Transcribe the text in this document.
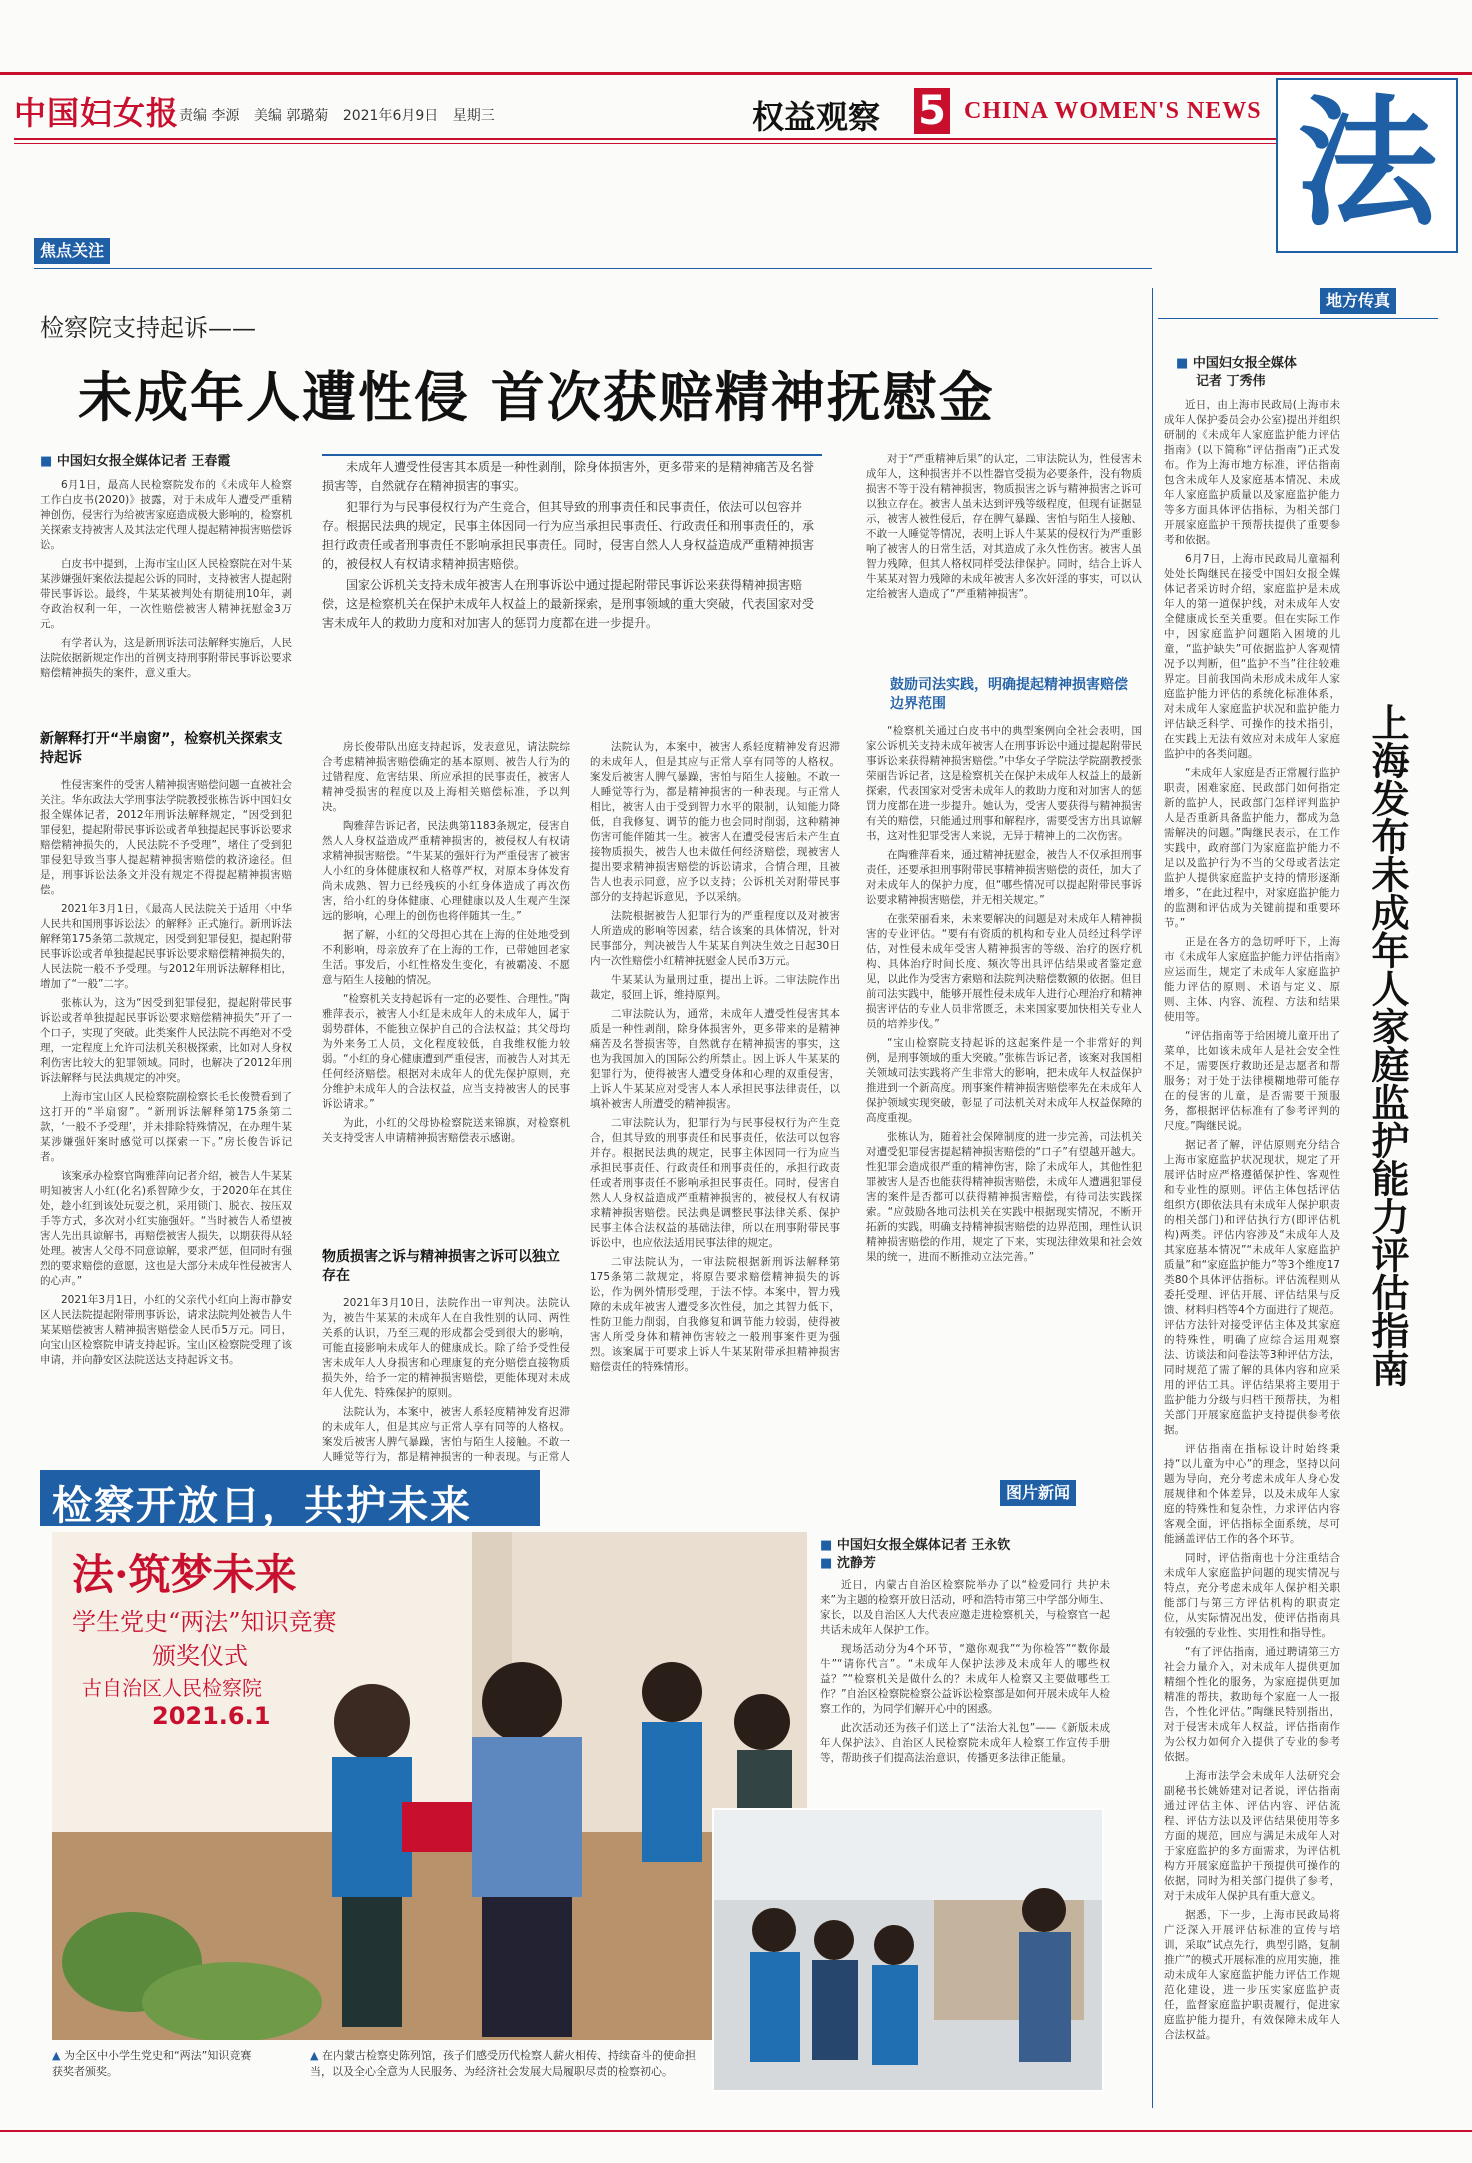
中国妇女报 责编 李源 美编 郭璐菊 2021年6月9日 星期三	权益观察 5 CHINA WOMEN'S NEWS 法
焦点关注
地方传真
检察院支持起诉——
未成年人遭性侵 首次获赔精神抚慰金
■ 中国妇女报全媒体记者 王春霞	未成年人遭受性侵害其本质是一种性剥削，除身体损害外，更多带来的是精神痛苦及名誉损害等，自然就存在精神损害的事实。

犯罪行为与民事侵权行为产生竞合，但其导致的刑事责任和民事责任，依法可以包容并存。根据民法典的规定，民事主体因同一行为应当承担民事责任、行政责任和刑事责任的，承担行政责任或者刑事责任不影响承担民事责任。同时，侵害自然人人身权益造成严重精神损害的，被侵权人有权请求精神损害赔偿。

国家公诉机关支持未成年被害人在刑事诉讼中通过提起附带民事诉讼来获得精神损害赔偿，这是检察机关在保护未成年人权益上的最新探索，是刑事领域的重大突破，代表国家对受害未成年人的救助力度和对加害人的惩罚力度都在进一步提升。

6月1日，最高人民检察院发布的《未成年人检察工作白皮书(2020)》披露，对于未成年人遭受严重精神创伤，侵害行为给被害家庭造成极大影响的，检察机关探索支持被害人及其法定代理人提起精神损害赔偿诉讼。

白皮书中提到，上海市宝山区人民检察院在对牛某某涉嫌强奸案依法提起公诉的同时，支持被害人提起附带民事诉讼。最终，牛某某被判处有期徒刑10年，剥夺政治权利一年，一次性赔偿被害人精神抚慰金3万元。

有学者认为，这是新刑诉法司法解释实施后，人民法院依据新规定作出的首例支持刑事附带民事诉讼要求赔偿精神损失的案件，意义重大。

新解释打开“半扇窗”，检察机关探索支持起诉

性侵害案件的受害人精神损害赔偿问题一直被社会关注。华东政法大学刑事法学院教授张栋告诉中国妇女报全媒体记者，2012年刑诉法解释规定，“因受到犯罪侵犯，提起附带民事诉讼或者单独提起民事诉讼要求赔偿精神损失的，人民法院不予受理”，堵住了受到犯罪侵犯导致当事人提起精神损害赔偿的救济途径。但是，刑事诉讼法条文并没有规定不得提起精神损害赔偿。

2021年3月1日，《最高人民法院关于适用〈中华人民共和国刑事诉讼法〉的解释》正式施行。新刑诉法解释第175条第二款规定，因受到犯罪侵犯，提起附带民事诉讼或者单独提起民事诉讼要求赔偿精神损失的，人民法院一般不予受理。与2012年刑诉法解释相比，增加了“一般”二字。

张栋认为，这为“因受到犯罪侵犯，提起附带民事诉讼或者单独提起民事诉讼要求赔偿精神损失”开了一个口子，实现了突破。此类案件人民法院不再绝对不受理，一定程度上允许司法机关积极探索，比如对人身权利伤害比较大的犯罪领域。同时，也解决了2012年刑诉法解释与民法典规定的冲突。

上海市宝山区人民检察院副检察长毛长俊赞看到了这打开的“半扇窗”。“新刑诉法解释第175条第二款，‘一般不予受理’，并未排除特殊情况，在办理牛某某涉嫌强奸案时感觉可以探索一下。”房长俊告诉记者。

该案承办检察官陶雅萍向记者介绍，被告人牛某某明知被害人小红(化名)系智障少女，于2020年在其住处，趁小红到该处玩耍之机，采用锁门、脱衣、按压双手等方式，多次对小红实施强奸。“当时被告人希望被害人先出具谅解书，再赔偿被害人损失，以期获得从轻处理。被害人父母不同意谅解，要求严惩，但同时有强烈的要求赔偿的意愿，这也是大部分未成年性侵被害人的心声。”

2021年3月1日，小红的父亲代小红向上海市静安区人民法院提起附带刑事诉讼，请求法院判处被告人牛某某赔偿被害人精神损害赔偿金人民币5万元。同日，向宝山区检察院申请支持起诉。宝山区检察院受理了该申请，并向静安区法院送达支持起诉文书。

房长俊带队出庭支持起诉，发表意见，请法院综合考虑精神损害赔偿确定的基本原则、被告人行为的过错程度、危害结果、所应承担的民事责任，被害人精神受损害的程度以及上海相关赔偿标准，予以判决。

陶雅萍告诉记者，民法典第1183条规定，侵害自然人人身权益造成严重精神损害的，被侵权人有权请求精神损害赔偿。“牛某某的强奸行为严重侵害了被害人小红的身体健康权和人格尊严权，对原本身体发育尚未成熟、智力已经残疾的小红身体造成了再次伤害，给小红的身体健康、心理健康以及人生观产生深远的影响，心理上的创伤也将伴随其一生。”

据了解，小红的父母担心其在上海的住处地受到不利影响，母亲放弃了在上海的工作，已带她回老家生活。事发后，小红性格发生变化，有被霸凌、不愿意与陌生人接触的情况。

“检察机关支持起诉有一定的必要性、合理性。”陶雅萍表示，被害人小红是未成年人的未成年人，属于弱势群体，不能独立保护自己的合法权益；其父母均为外来务工人员，文化程度较低，自我维权能力较弱。“小红的身心健康遭到严重侵害，而被告人对其无任何经济赔偿。根据对未成年人的优先保护原则，充分维护未成年人的合法权益，应当支持被害人的民事诉讼请求。”

为此，小红的父母协检察院送来锦旗，对检察机关支持受害人申请精神损害赔偿表示感谢。

物质损害之诉与精神损害之诉可以独立存在

2021年3月10日，法院作出一审判决。法院认为，被告牛某某的未成年人在自我性别的认同、两性关系的认识，乃至三观的形成都会受到很大的影响，可能直接影响未成年人的健康成长。除了给予受性侵害未成年人人身损害和心理康复的充分赔偿直接物质损失外，给予一定的精神损害赔偿，更能体现对未成年人优先、特殊保护的原则。

法院认为，本案中，被害人系轻度精神发育迟滞的未成年人，但是其应与正常人享有同等的人格权。案发后被害人脾气暴躁，害怕与陌生人接触。不敢一人睡觉等行为，都是精神损害的一种表现。与正常人

法院认为，本案中，被害人系轻度精神发育迟滞的未成年人，但是其应与正常人享有同等的人格权。案发后被害人脾气暴躁，害怕与陌生人接触。不敢一人睡觉等行为，都是精神损害的一种表现。与正常人相比，被害人由于受到智力水平的限制，认知能力降低，自我修复、调节的能力也会同时削弱，这种精神伤害可能伴随其一生。被害人在遭受侵害后未产生直接物质损失，被告人也未做任何经济赔偿，现被害人提出要求精神损害赔偿的诉讼请求，合情合理，且被告人也表示同意，应予以支持；公诉机关对附带民事部分的支持起诉意见，予以采纳。

法院根据被告人犯罪行为的严重程度以及对被害人所造成的影响等因素，结合该案的具体情况，针对民事部分，判决被告人牛某某自判决生效之日起30日内一次性赔偿小红精神抚慰金人民币3万元。

牛某某认为量刑过重，提出上诉。二审法院作出裁定，驳回上诉，维持原判。

二审法院认为，通常，未成年人遭受性侵害其本质是一种性剥削，除身体损害外，更多带来的是精神痛苦及名誉损害等，自然就存在精神损害的事实，这也为我国加入的国际公约所禁止。因上诉人牛某某的犯罪行为，使得被害人遭受身体和心理的双重侵害，上诉人牛某某应对受害人本人承担民事法律责任，以填补被害人所遭受的精神损害。

二审法院认为，犯罪行为与民事侵权行为产生竞合，但其导致的刑事责任和民事责任，依法可以包容并存。根据民法典的规定，民事主体因同一行为应当承担民事责任、行政责任和刑事责任的，承担行政责任或者刑事责任不影响承担民事责任。同时，侵害自然人人身权益造成严重精神损害的，被侵权人有权请求精神损害赔偿。民法典是调整民事法律关系、保护民事主体合法权益的基础法律，所以在刑事附带民事诉讼中，也应依法适用民事法律的规定。

二审法院认为，一审法院根据新刑诉法解释第175条第二款规定，将原告要求赔偿精神损失的诉讼，作为例外情形受理，于法不悖。本案中，智力残障的未成年被害人遭受多次性侵，加之其智力低下，性防卫能力削弱，自我修复和调节能力较弱，使得被害人所受身体和精神伤害较之一般刑事案件更为强烈。该案属于可要求上诉人牛某某附带承担精神损害赔偿责任的特殊情形。

对于“严重精神后果”的认定，二审法院认为，性侵害未成年人，这种损害并不以性器官受损为必要条件，没有物质损害不等于没有精神损害，物质损害之诉与精神损害之诉可以独立存在。被害人虽未达到评残等级程度，但现有证据显示，被害人被性侵后，存在脾气暴躁、害怕与陌生人接触、不敢一人睡觉等情况，表明上诉人牛某某的侵权行为严重影响了被害人的日常生活，对其造成了永久性伤害。被害人虽智力残障，但其人格权同样受法律保护。同时，结合上诉人牛某某对智力残障的未成年被害人多次奸淫的事实，可以认定给被害人造成了“严重精神损害”。

鼓励司法实践，明确提起精神损害赔偿边界范围

“检察机关通过白皮书中的典型案例向全社会表明，国家公诉机关支持未成年被害人在刑事诉讼中通过提起附带民事诉讼来获得精神损害赔偿。”中华女子学院法学院副教授张荣丽告诉记者，这是检察机关在保护未成年人权益上的最新探索，代表国家对受害未成年人的救助力度和对加害人的惩罚力度都在进一步提升。她认为，受害人要获得与精神损害有关的赔偿，只能通过刑事和解程序，需要受害方出具谅解书，这对性犯罪受害人来说，无异于精神上的二次伤害。

在陶雅萍看来，通过精神抚慰金，被告人不仅承担刑事责任，还要承担刑事附带民事精神损害赔偿的责任，加大了对未成年人的保护力度，但“哪些情况可以提起附带民事诉讼要求精神损害赔偿，并无相关规定。”

在张荣丽看来，未来要解决的问题是对未成年人精神损害的专业评估。“要有有资质的机构和专业人员经过科学评估，对性侵未成年受害人精神损害的等级、治疗的医疗机构、具体治疗时间长度、频次等出具评估结果或者鉴定意见，以此作为受害方索赔和法院判决赔偿数额的依据。但目前司法实践中，能够开展性侵未成年人进行心理治疗和精神损害评估的专业人员非常匮乏，未来国家要加快相关专业人员的培养步伐。”

“宝山检察院支持起诉的这起案件是一个非常好的判例，是刑事领域的重大突破。”张栋告诉记者，该案对我国相关领域司法实践将产生非常大的影响，把未成年人权益保护推进到一个新高度。刑事案件精神损害赔偿率先在未成年人保护领域实现突破，彰显了司法机关对未成年人权益保障的高度重视。

张栋认为，随着社会保障制度的进一步完善，司法机关对遭受犯罪侵害提起精神损害赔偿的“口子”有望越开越大。性犯罪会造成很严重的精神伤害，除了未成年人，其他性犯罪被害人是否也能获得精神损害赔偿，未成年人遭遇犯罪侵害的案件是否都可以获得精神损害赔偿，有待司法实践探索。“应鼓励各地司法机关在实践中根据现实情况，不断开拓新的实践，明确支持精神损害赔偿的边界范围，理性认识精神损害赔偿的作用，规定了下来，实现法律效果和社会效果的统一，进而不断推动立法完善。”

■ 中国妇女报全媒体
记者 丁秀伟
上海发布未成年人家庭监护能力评估指南

近日，由上海市民政局(上海市未成年人保护委员会办公室)提出并组织研制的《未成年人家庭监护能力评估指南》(以下简称“评估指南”)正式发布。作为上海市地方标准，评估指南包含未成年人及家庭基本情况、未成年人家庭监护质量以及家庭监护能力等多方面具体评估指标，为相关部门开展家庭监护干预帮扶提供了重要参考和依据。

6月7日，上海市民政局儿童福利处处长陶继民在接受中国妇女报全媒体记者采访时介绍，家庭监护是未成年人的第一道保护线，对未成年人安全健康成长至关重要。但在实际工作中，因家庭监护问题陷入困境的儿童，“监护缺失”可依据监护人客观情况予以判断，但“监护不当”往往较难界定。目前我国尚未形成未成年人家庭监护能力评估的系统化标准体系，对未成年人家庭监护状况和监护能力评估缺乏科学、可操作的技术指引，在实践上无法有效应对未成年人家庭监护中的各类问题。

“未成年人家庭是否正常履行监护职责，困难家庭、民政部门如何指定新的监护人，民政部门怎样评判监护人是否重新具备监护能力，都成为急需解决的问题。”陶继民表示，在工作实践中，政府部门为家庭监护能力不足以及监护行为不当的父母或者法定监护人提供家庭监护支持的情形逐渐增多，“在此过程中，对家庭监护能力的监测和评估成为关键前提和重要环节。”

正是在各方的急切呼吁下，上海市《未成年人家庭监护能力评估指南》应运而生，规定了未成年人家庭监护能力评估的原则、术语与定义、原则、主体、内容、流程、方法和结果使用等。

“评估指南等于给困境儿童开出了菜单，比如该未成年人是社会安全性不足，需要医疗救助还是志愿者和帮服务；对于处于法律模糊地带可能存在的侵害的儿童，是否需要干预服务，都根据评估标准有了参考评判的尺度。”陶继民说。

据记者了解，评估原则充分结合上海市家庭监护状况现状，规定了开展评估时应严格遵循保护性、客观性和专业性的原则。评估主体包括评估组织方(即依法具有未成年人保护职责的相关部门)和评估执行方(即评估机构)两类。评估内容涉及“未成年人及其家庭基本情况”“未成年人家庭监护质量”和“家庭监护能力”等3个维度17类80个具体评估指标。评估流程则从委托受理、评估开展、评估结果与反馈、材料归档等4个方面进行了规范。评估方法针对接受评估主体及其家庭的特殊性，明确了应综合运用观察法、访谈法和问卷法等3种评估方法，同时规范了需了解的具体内容和应采用的评估工具。评估结果将主要用于监护能力分级与归档干预帮扶，为相关部门开展家庭监护支持提供参考依据。

评估指南在指标设计时始终秉持“以儿童为中心”的理念，坚持以问题为导向，充分考虑未成年人身心发展规律和个体差异，以及未成年人家庭的特殊性和复杂性，力求评估内容客观全面，评估指标全面系统，尽可能涵盖评估工作的各个环节。

同时，评估指南也十分注重结合未成年人家庭监护问题的现实情况与特点，充分考虑未成年人保护相关职能部门与第三方评估机构的职责定位，从实际情况出发，使评估指南具有较强的专业性、实用性和指导性。

“有了评估指南，通过聘请第三方社会力量介入，对未成年人提供更加精细个性化的服务，为家庭提供更加精准的帮扶，救助每个家庭一人一报告，个性化评估。”陶继民特别指出，对于侵害未成年人权益，评估指南作为公权力如何介入提供了专业的参考依据。

上海市法学会未成年人法研究会副秘书长姚娇建对记者说，评估指南通过评估主体、评估内容、评估流程、评估方法以及评估结果使用等多方面的规范，回应与满足未成年人对于家庭监护的多方面需求，为评估机构方开展家庭监护干预提供可操作的依据，同时为相关部门提供了参考，对于未成年人保护具有重大意义。

据悉，下一步，上海市民政局将广泛深入开展评估标准的宣传与培训，采取“试点先行，典型引路，复制推广”的模式开展标准的应用实施，推动未成年人家庭监护能力评估工作规范化建设，进一步压实家庭监护责任，监督家庭监护职责履行，促进家庭监护能力提升，有效保障未成年人合法权益。

检察开放日，共护未来	图片新闻
法·筑梦未来
学生党史“两法”知识竞赛
颁奖仪式
古自治区人民检察院
2021.6.1
■ 中国妇女报全媒体记者 王永钦
■ 沈静芳

近日，内蒙古自治区检察院举办了以“检爱同行 共护未来”为主题的检察开放日活动，呼和浩特市第三中学部分师生、家长，以及自治区人大代表应邀走进检察机关，与检察官一起共话未成年人保护工作。

现场活动分为4个环节，“邀你观我”“为你检答”“数你最牛”“请你代言”。“未成年人保护法涉及未成年人的哪些权益？”“检察机关是做什么的？未成年人检察又主要做哪些工作？”自治区检察院检察公益诉讼检察部是如何开展未成年人检察工作的，为同学们解开心中的困惑。

此次活动还为孩子们送上了“法治大礼包”——《新版未成年人保护法》、自治区人民检察院未成年人检察工作宣传手册等，帮助孩子们提高法治意识，传播更多法律正能量。

▲ 为全区中小学生党史和“两法”知识竞赛获奖者颁奖。
▲ 在内蒙古检察史陈列馆，孩子们感受历代检察人薪火相传、持续奋斗的使命担当，以及全心全意为人民服务、为经济社会发展大局履职尽责的检察初心。
